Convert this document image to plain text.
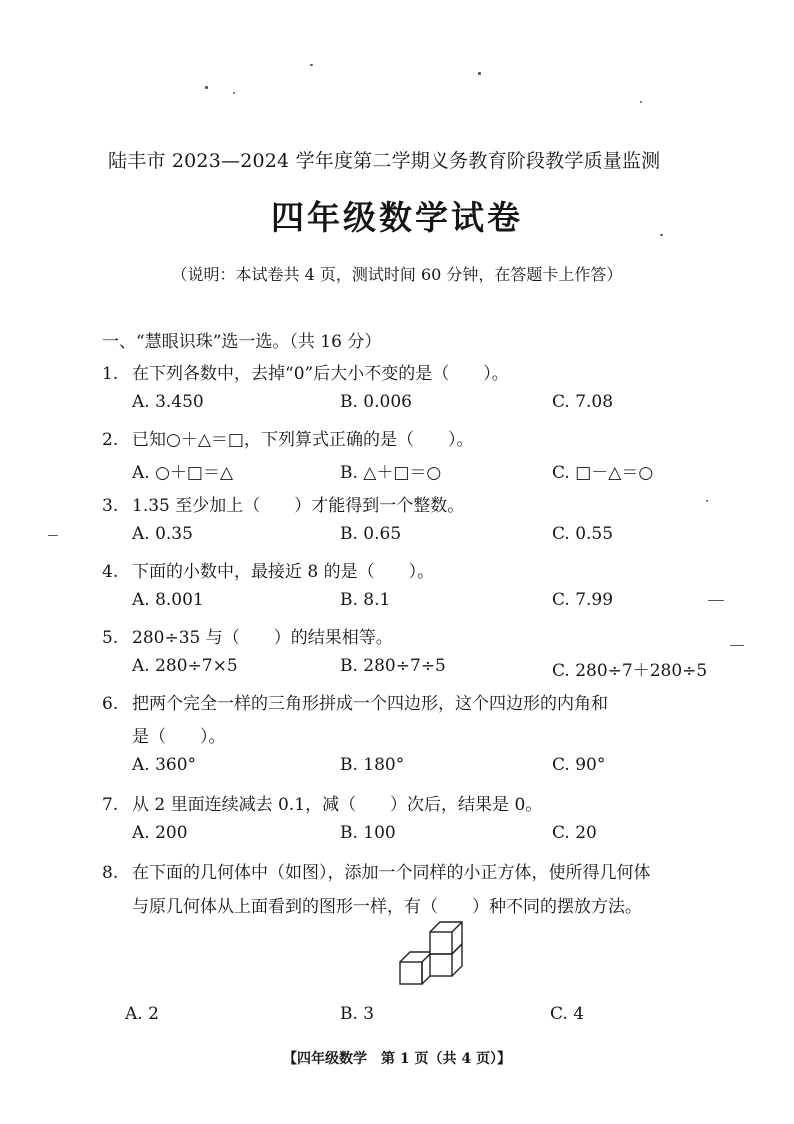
陆丰市 2023—2024 学年度第二学期义务教育阶段教学质量监测
四年级数学试卷
（说明：本试卷共 4 页，测试时间 60 分钟，在答题卡上作答）
一、“慧眼识珠”选一选。（共 16 分）
1. 在下列各数中，去掉“0”后大小不变的是（　　）。
A. 3.450	B. 0.006	C. 7.08
2. 已知○＋△＝□，下列算式正确的是（　　）。
A. ○＋□＝△	B. △＋□＝○	C. □－△＝○
3. 1.35 至少加上（　　）才能得到一个整数。
A. 0.35	B. 0.65	C. 0.55
4. 下面的小数中，最接近 8 的是（　　）。
A. 8.001	B. 8.1	C. 7.99
5. 280÷35 与（　　）的结果相等。
A. 280÷7×5	B. 280÷7÷5	C. 280÷7＋280÷5
6. 把两个完全一样的三角形拼成一个四边形，这个四边形的内角和
是（　　）。
A. 360°	B. 180°	C. 90°
7. 从 2 里面连续减去 0.1，减（　　）次后，结果是 0。
A. 200	B. 100	C. 20
8. 在下面的几何体中（如图），添加一个同样的小正方体，使所得几何体
与原几何体从上面看到的图形一样，有（　　）种不同的摆放方法。
A. 2	B. 3	C. 4
【四年级数学　第 1 页（共 4 页）】
